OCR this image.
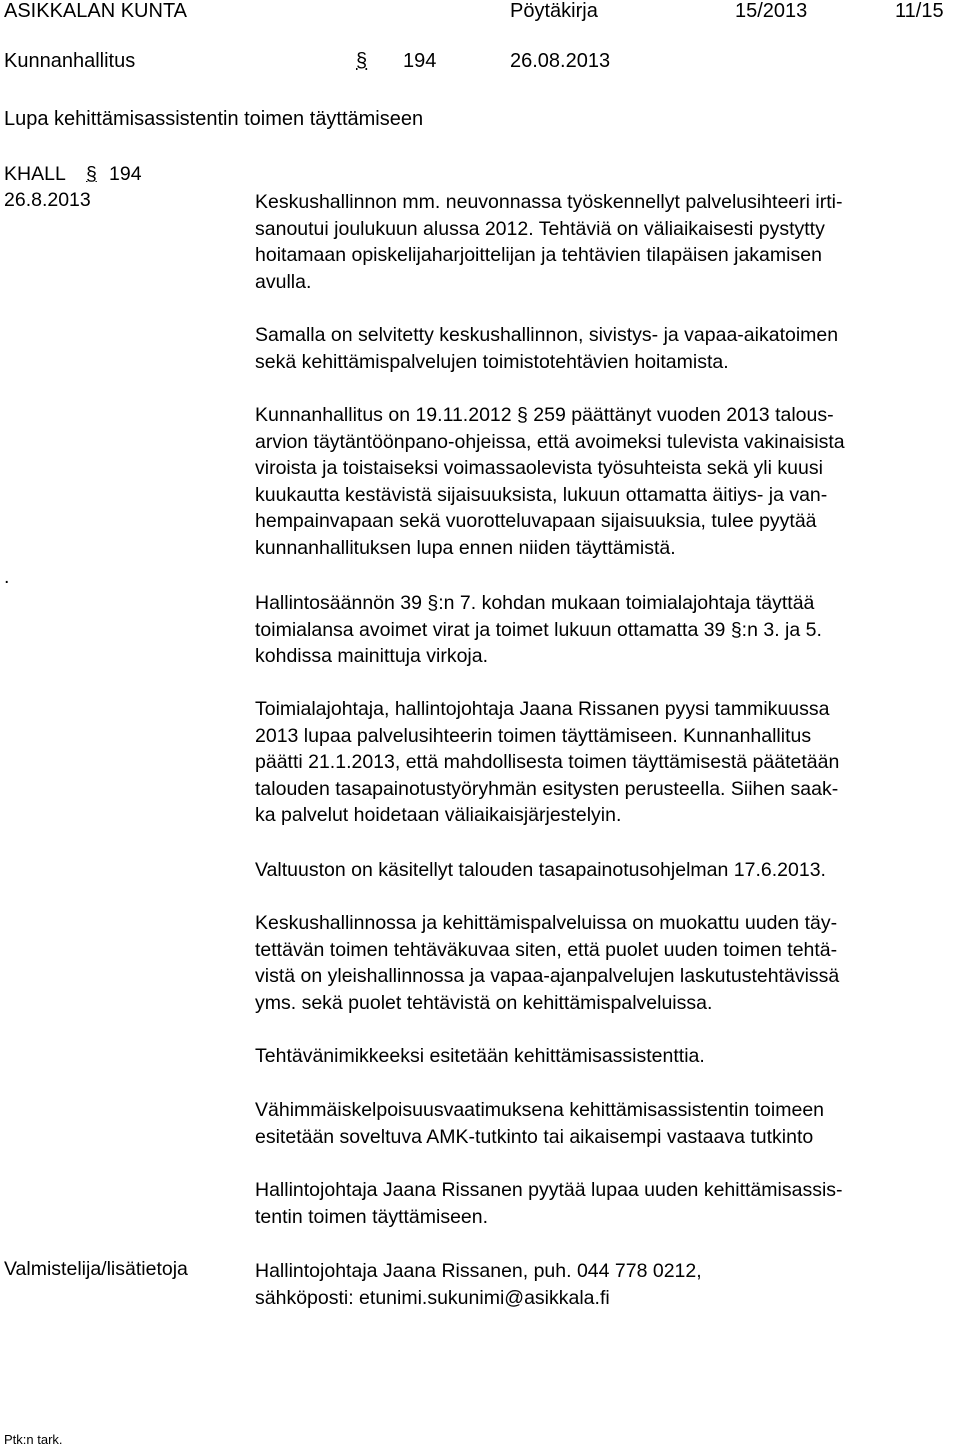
ASIKKALAN KUNTA	Pöytäkirja	15/2013	11/15
Kunnanhallitus	§ 194	26.08.2013
Lupa kehittämisassistentin toimen täyttämiseen
KHALL § 194
26.8.2013
.
Keskushallinnon mm. neuvonnassa työskennellyt palvelusihteeri irti-
sanoutui joulukuun alussa 2012. Tehtäviä on väliaikaisesti pystytty
hoitamaan opiskelijaharjoittelijan ja tehtävien tilapäisen jakamisen
avulla.
Samalla on selvitetty keskushallinnon, sivistys- ja vapaa-aikatoimen
sekä kehittämispalvelujen toimistotehtävien hoitamista.
Kunnanhallitus on 19.11.2012 § 259 päättänyt vuoden 2013 talous-
arvion täytäntöönpano-ohjeissa, että avoimeksi tulevista vakinaisista
viroista ja toistaiseksi voimassaolevista työsuhteista sekä yli kuusi
kuukautta kestävistä sijaisuuksista, lukuun ottamatta äitiys- ja van-
hempainvapaan sekä vuorotteluvapaan sijaisuuksia, tulee pyytää
kunnanhallituksen lupa ennen niiden täyttämistä.
Hallintosäännön 39 §:n 7. kohdan mukaan toimialajohtaja täyttää
toimialansa avoimet virat ja toimet lukuun ottamatta 39 §:n 3. ja 5.
kohdissa mainittuja virkoja.
Toimialajohtaja, hallintojohtaja Jaana Rissanen pyysi tammikuussa
2013 lupaa palvelusihteerin toimen täyttämiseen. Kunnanhallitus
päätti 21.1.2013, että mahdollisesta toimen täyttämisestä päätetään
talouden tasapainotustyöryhmän esitysten perusteella. Siihen saak-
ka palvelut hoidetaan väliaikaisjärjestelyin.
Valtuuston on käsitellyt talouden tasapainotusohjelman 17.6.2013.
Keskushallinnossa ja kehittämispalveluissa on muokattu uuden täy-
tettävän toimen tehtäväkuvaa siten, että puolet uuden toimen tehtä-
vistä on yleishallinnossa ja vapaa-ajanpalvelujen laskutustehtävissä
yms. sekä puolet tehtävistä on kehittämispalveluissa.
Tehtävänimikkeeksi esitetään kehittämisassistenttia.
Vähimmäiskelpoisuusvaatimuksena kehittämisassistentin toimeen
esitetään soveltuva AMK-tutkinto tai aikaisempi vastaava tutkinto
Hallintojohtaja Jaana Rissanen pyytää lupaa uuden kehittämisassis-
tentin toimen täyttämiseen.
Valmistelija/lisätietoja	Hallintojohtaja Jaana Rissanen, puh. 044 778 0212,
sähköposti: etunimi.sukunimi@asikkala.fi
Ptk:n tark.
